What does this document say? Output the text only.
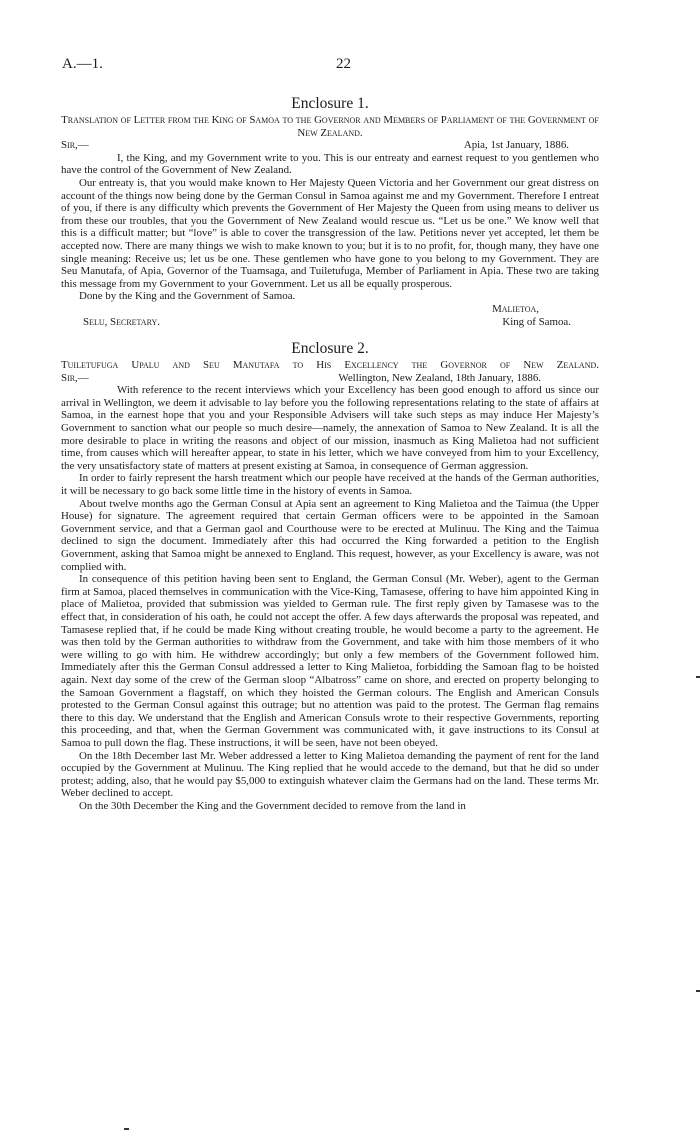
A.—1.	22
Enclosure 1.
Translation of Letter from the King of Samoa to the Governor and Members of Parliament of the Government of New Zealand.
Sir,—	Apia, 1st January, 1886.

I, the King, and my Government write to you. This is our entreaty and earnest request to you gentlemen who have the control of the Government of New Zealand.

Our entreaty is, that you would make known to Her Majesty Queen Victoria and her Government our great distress on account of the things now being done by the German Consul in Samoa against me and my Government. Therefore I entreat of you, if there is any difficulty which prevents the Government of Her Majesty the Queen from using means to deliver us from these our troubles, that you the Government of New Zealand would rescue us. “Let us be one.” We know well that this is a difficult matter; but “love” is able to cover the transgression of the law. Petitions never yet accepted, let them be accepted now. There are many things we wish to make known to you; but it is to no profit, for, though many, they have one single meaning: Receive us; let us be one. These gentlemen who have gone to you belong to my Government. They are Seu Manutafa, of Apia, Governor of the Tuamsaga, and Tuiletufuga, Member of Parliament in Apia. These two are taking this message from my Government to your Government. Let us all be equally prosperous.

Done by the King and the Government of Samoa.

Malietoa,
Selu, Secretary.	King of Samoa.
Enclosure 2.
Tuiletufuga Upalu and Seu Manutafa to His Excellency the Governor of New Zealand.
Sir,—	Wellington, New Zealand, 18th January, 1886.

With reference to the recent interviews which your Excellency has been good enough to afford us since our arrival in Wellington, we deem it advisable to lay before you the following representations relating to the state of affairs at Samoa, in the earnest hope that you and your Responsible Advisers will take such steps as may induce Her Majesty’s Government to sanction what our people so much desire—namely, the annexation of Samoa to New Zealand. It is all the more desirable to place in writing the reasons and object of our mission, inasmuch as King Malietoa had not sufficient time, from causes which will hereafter appear, to state in his letter, which we have conveyed from him to your Excellency, the very unsatisfactory state of matters at present existing at Samoa, in consequence of German aggression.

In order to fairly represent the harsh treatment which our people have received at the hands of the German authorities, it will be necessary to go back some little time in the history of events in Samoa.

About twelve months ago the German Consul at Apia sent an agreement to King Malietoa and the Taimua (the Upper House) for signature. The agreement required that certain German officers were to be appointed in the Samoan Government service, and that a German gaol and Courthouse were to be erected at Mulinuu. The King and the Taimua declined to sign the document. Immediately after this had occurred the King forwarded a petition to the English Government, asking that Samoa might be annexed to England. This request, however, as your Excellency is aware, was not complied with.

In consequence of this petition having been sent to England, the German Consul (Mr. Weber), agent to the German firm at Samoa, placed themselves in communication with the Vice-King, Tamasese, offering to have him appointed King in place of Malietoa, provided that submission was yielded to German rule. The first reply given by Tamasese was to the effect that, in consideration of his oath, he could not accept the offer. A few days afterwards the proposal was repeated, and Tamasese replied that, if he could be made King without creating trouble, he would become a party to the agreement. He was then told by the German authorities to withdraw from the Government, and take with him those members of it who were willing to go with him. He withdrew accordingly; but only a few members of the Government followed him. Immediately after this the German Consul addressed a letter to King Malietoa, forbidding the Samoan flag to be hoisted again. Next day some of the crew of the German sloop “Albatross” came on shore, and erected on property belonging to the Samoan Government a flagstaff, on which they hoisted the German colours. The English and American Consuls protested to the German Consul against this outrage; but no attention was paid to the protest. The German flag remains there to this day. We understand that the English and American Consuls wrote to their respective Governments, reporting this proceeding, and that, when the German Government was communicated with, it gave instructions to its Consul at Samoa to pull down the flag. These instructions, it will be seen, have not been obeyed.

On the 18th December last Mr. Weber addressed a letter to King Malietoa demanding the payment of rent for the land occupied by the Government at Mulinuu. The King replied that he would accede to the demand, but that he did so under protest; adding, also, that he would pay $5,000 to extinguish whatever claim the Germans had on the land. These terms Mr. Weber declined to accept.

On the 30th December the King and the Government decided to remove from the land in
